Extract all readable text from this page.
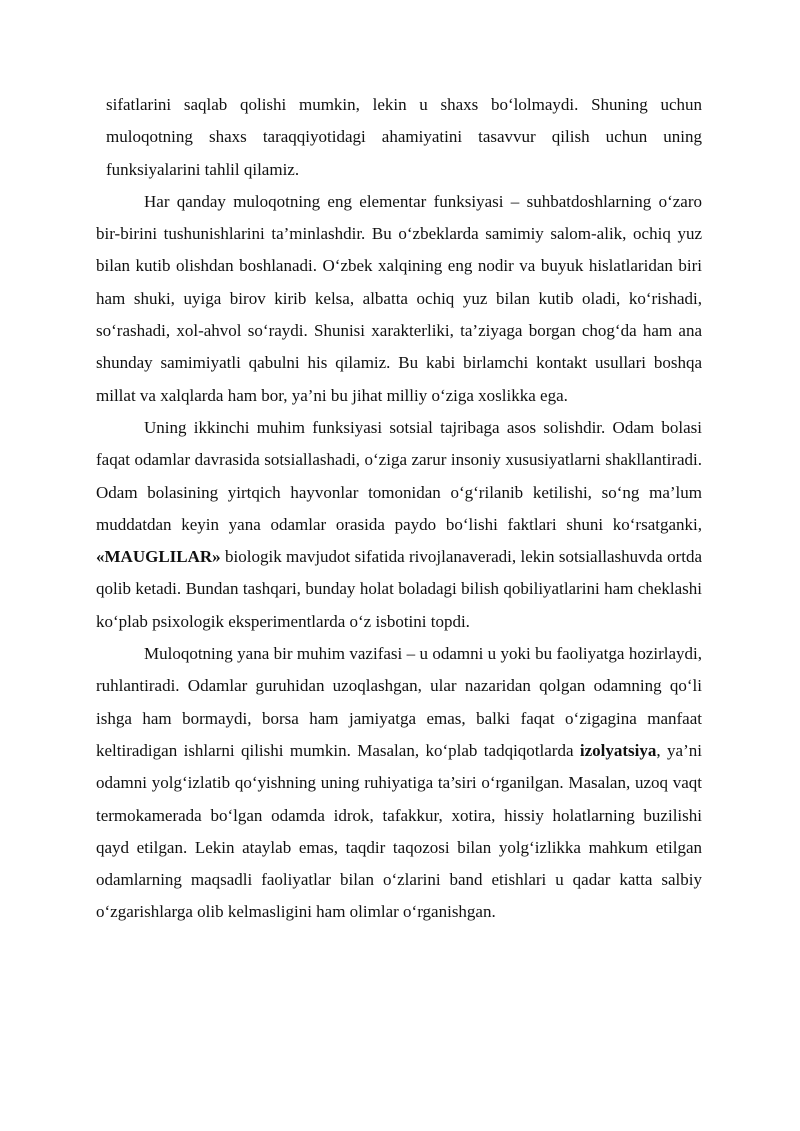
sifatlarini saqlab qolishi mumkin, lekin u shaxs bo‘lolmaydi. Shuning uchun muloqotning shaxs taraqqiyotidagi ahamiyatini tasavvur qilish uchun uning funksiyalarini tahlil qilamiz.

Har qanday muloqotning eng elementar funksiyasi – suhbatdoshlarning o‘zaro bir-birini tushunishlarini ta’minlashdir. Bu o‘zbeklarda samimiy salom-alik, ochiq yuz bilan kutib olishdan boshlanadi. O‘zbek xalqining eng nodir va buyuk hislatlaridan biri ham shuki, uyiga birov kirib kelsa, albatta ochiq yuz bilan kutib oladi, ko‘rishadi, so‘rashadi, xol-ahvol so‘raydi. Shunisi xarakterliki, ta’ziyaga borgan chog‘da ham ana shunday samimiyatli qabulni his qilamiz. Bu kabi birlamchi kontakt usullari boshqa millat va xalqlarda ham bor, ya’ni bu jihat milliy o‘ziga xoslikka ega.

Uning ikkinchi muhim funksiyasi sotsial tajribaga asos solishdir. Odam bolasi faqat odamlar davrasida sotsiallashadi, o‘ziga zarur insoniy xususiyatlarni shakllantiradi. Odam bolasining yirtqich hayvonlar tomonidan o‘g‘rilanib ketilishi, so‘ng ma’lum muddatdan keyin yana odamlar orasida paydo bo‘lishi faktlari shuni ko‘rsatganki, «MAUGLILAR» biologik mavjudot sifatida rivojlanaveradi, lekin sotsiallashuvda ortda qolib ketadi. Bundan tashqari, bunday holat boladagi bilish qobiliyatlarini ham cheklashi ko‘plab psixologik eksperimentlarda o‘z isbotini topdi.

Muloqotning yana bir muhim vazifasi – u odamni u yoki bu faoliyatga hozirlaydi, ruhlantiradi. Odamlar guruhidan uzoqlashgan, ular nazaridan qolgan odamning qo‘li ishga ham bormaydi, borsa ham jamiyatga emas, balki faqat o‘zigagina manfaat keltiradigan ishlarni qilishi mumkin. Masalan, ko‘plab tadqiqotlarda izolyatsiya, ya’ni odamni yolg‘izlatib qo‘yishning uning ruhiyatiga ta’siri o‘rganilgan. Masalan, uzoq vaqt termokamerada bo‘lgan odamda idrok, tafakkur, xotira, hissiy holatlarning buzilishi qayd etilgan. Lekin ataylab emas, taqdir taqozosi bilan yolg‘izlikka mahkum etilgan odamlarning maqsadli faoliyatlar bilan o‘zlarini band etishlari u qadar katta salbiy o‘zgarishlarga olib kelmasligini ham olimlar o‘rganishgan.
